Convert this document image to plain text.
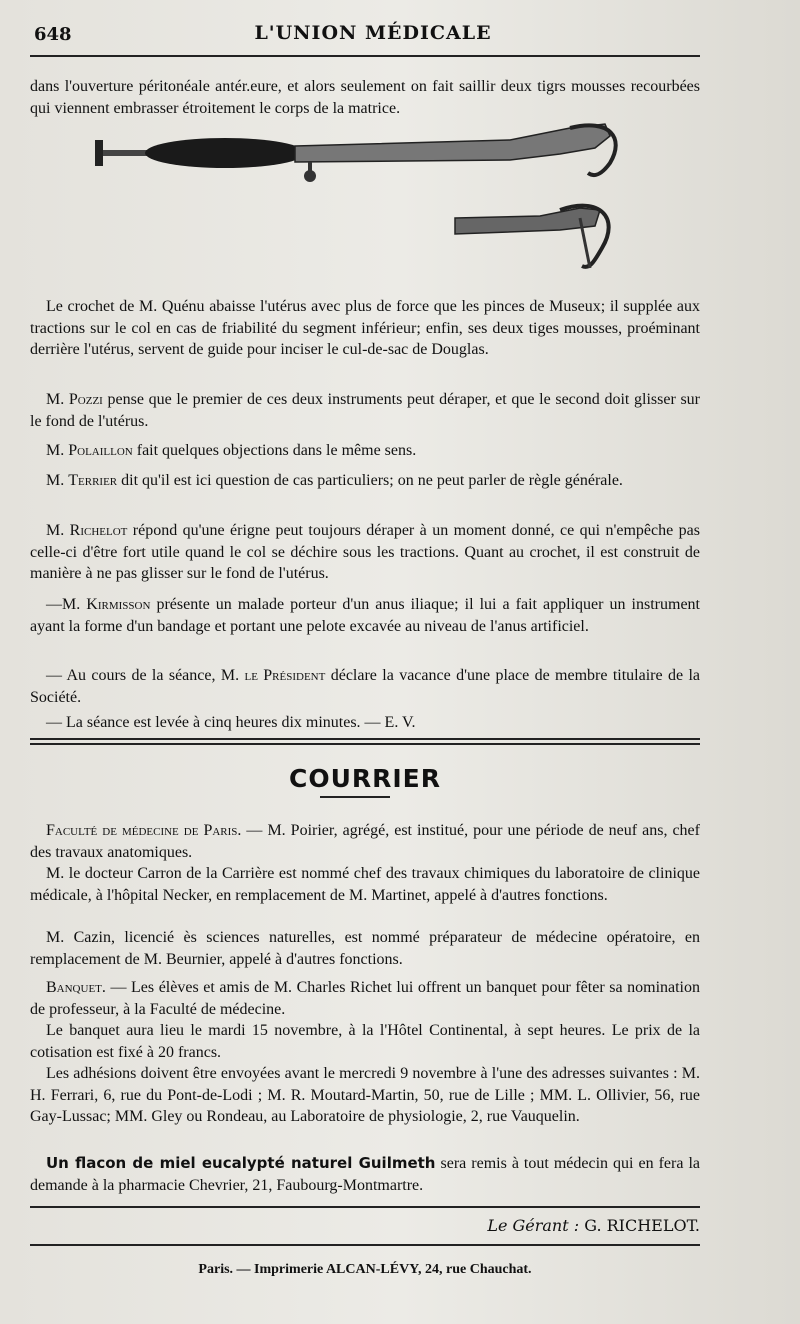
648	L'UNION MÉDICALE
dans l'ouverture péritonéale antér.eure, et alors seulement on fait saillir deux tigrs mousses recourbées qui viennent embrasser étroitement le corps de la matrice.
Le crochet de M. Quénu abaisse l'utérus avec plus de force que les pinces de Museux; il supplée aux tractions sur le col en cas de friabilité du segment inférieur; enfin, ses deux tiges mousses, proéminant derrière l'utérus, servent de guide pour inciser le cul-de-sac de Douglas.
M. Pozzi pense que le premier de ces deux instruments peut déraper, et que le second doit glisser sur le fond de l'utérus.
M. Polaillon fait quelques objections dans le même sens.
M. Terrier dit qu'il est ici question de cas particuliers; on ne peut parler de règle générale.
M. Richelot répond qu'une érigne peut toujours déraper à un moment donné, ce qui n'empêche pas celle-ci d'être fort utile quand le col se déchire sous les tractions. Quant au crochet, il est construit de manière à ne pas glisser sur le fond de l'utérus.
—M. Kirmisson présente un malade porteur d'un anus iliaque; il lui a fait appliquer un instrument ayant la forme d'un bandage et portant une pelote excavée au niveau de l'anus artificiel.
— Au cours de la séance, M. le Président déclare la vacance d'une place de membre titulaire de la Société.
— La séance est levée à cinq heures dix minutes. — E. V.
COURRIER
Faculté de médecine de Paris. — M. Poirier, agrégé, est institué, pour une période de neuf ans, chef des travaux anatomiques.
M. le docteur Carron de la Carrière est nommé chef des travaux chimiques du laboratoire de clinique médicale, à l'hôpital Necker, en remplacement de M. Martinet, appelé à d'autres fonctions.
M. Cazin, licencié ès sciences naturelles, est nommé préparateur de médecine opératoire, en remplacement de M. Beurnier, appelé à d'autres fonctions.
Banquet. — Les élèves et amis de M. Charles Richet lui offrent un banquet pour fêter sa nomination de professeur, à la Faculté de médecine.
Le banquet aura lieu le mardi 15 novembre, à la l'Hôtel Continental, à sept heures. Le prix de la cotisation est fixé à 20 francs.
Les adhésions doivent être envoyées avant le mercredi 9 novembre à l'une des adresses suivantes : M. H. Ferrari, 6, rue du Pont-de-Lodi ; M. R. Moutard-Martin, 50, rue de Lille ; MM. L. Ollivier, 56, rue Gay-Lussac; MM. Gley ou Rondeau, au Laboratoire de physiologie, 2, rue Vauquelin.
Un flacon de miel eucalypté naturel Guilmeth sera remis à tout médecin qui en fera la demande à la pharmacie Chevrier, 21, Faubourg-Montmartre.
Le Gérant : G. RICHELOT.
Paris. — Imprimerie ALCAN-LÉVY, 24, rue Chauchat.
